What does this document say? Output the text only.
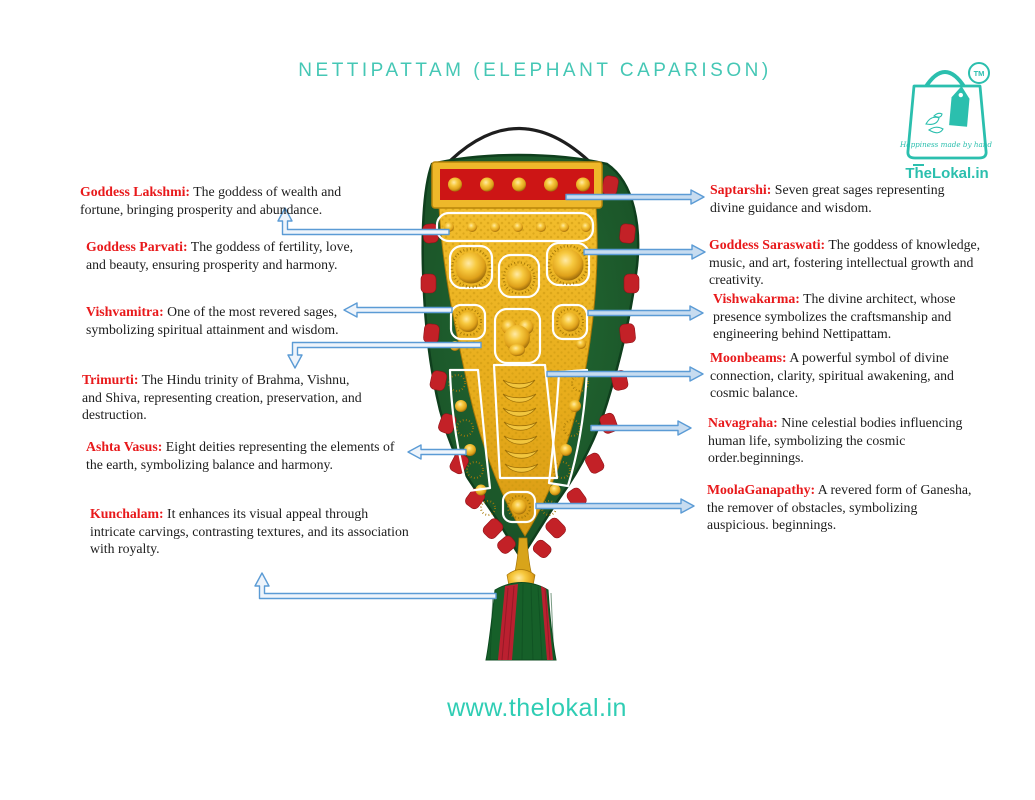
NETTIPATTAM (ELEPHANT CAPARISON)	TM
Happiness made by hand
TheLokal.in
Goddess Lakshmi: The goddess of wealth and
fortune, bringing prosperity and abundance.
Goddess Parvati: The goddess of fertility, love,
and beauty, ensuring prosperity and harmony.
Vishvamitra: One of the most revered sages,
symbolizing spiritual attainment and wisdom.
Trimurti: The Hindu trinity of Brahma, Vishnu,
and Shiva, representing creation, preservation, and
destruction.
Ashta Vasus: Eight deities representing the elements of
the earth, symbolizing balance and harmony.
Kunchalam: It enhances its visual appeal through
intricate carvings, contrasting textures, and its association
with royalty.
Saptarshi: Seven great sages representing
divine guidance and wisdom.
Goddess Saraswati: The goddess of knowledge,
music, and art, fostering intellectual growth and
creativity.
Vishwakarma: The divine architect, whose
presence symbolizes the craftsmanship and
engineering behind Nettipattam.
Moonbeams: A powerful symbol of divine
connection, clarity, spiritual awakening, and
cosmic balance.
Navagraha: Nine celestial bodies influencing
human life, symbolizing the cosmic
order.beginnings.
MoolaGanapathy: A revered form of Ganesha,
the remover of obstacles, symbolizing
auspicious. beginnings.
www.thelokal.in
